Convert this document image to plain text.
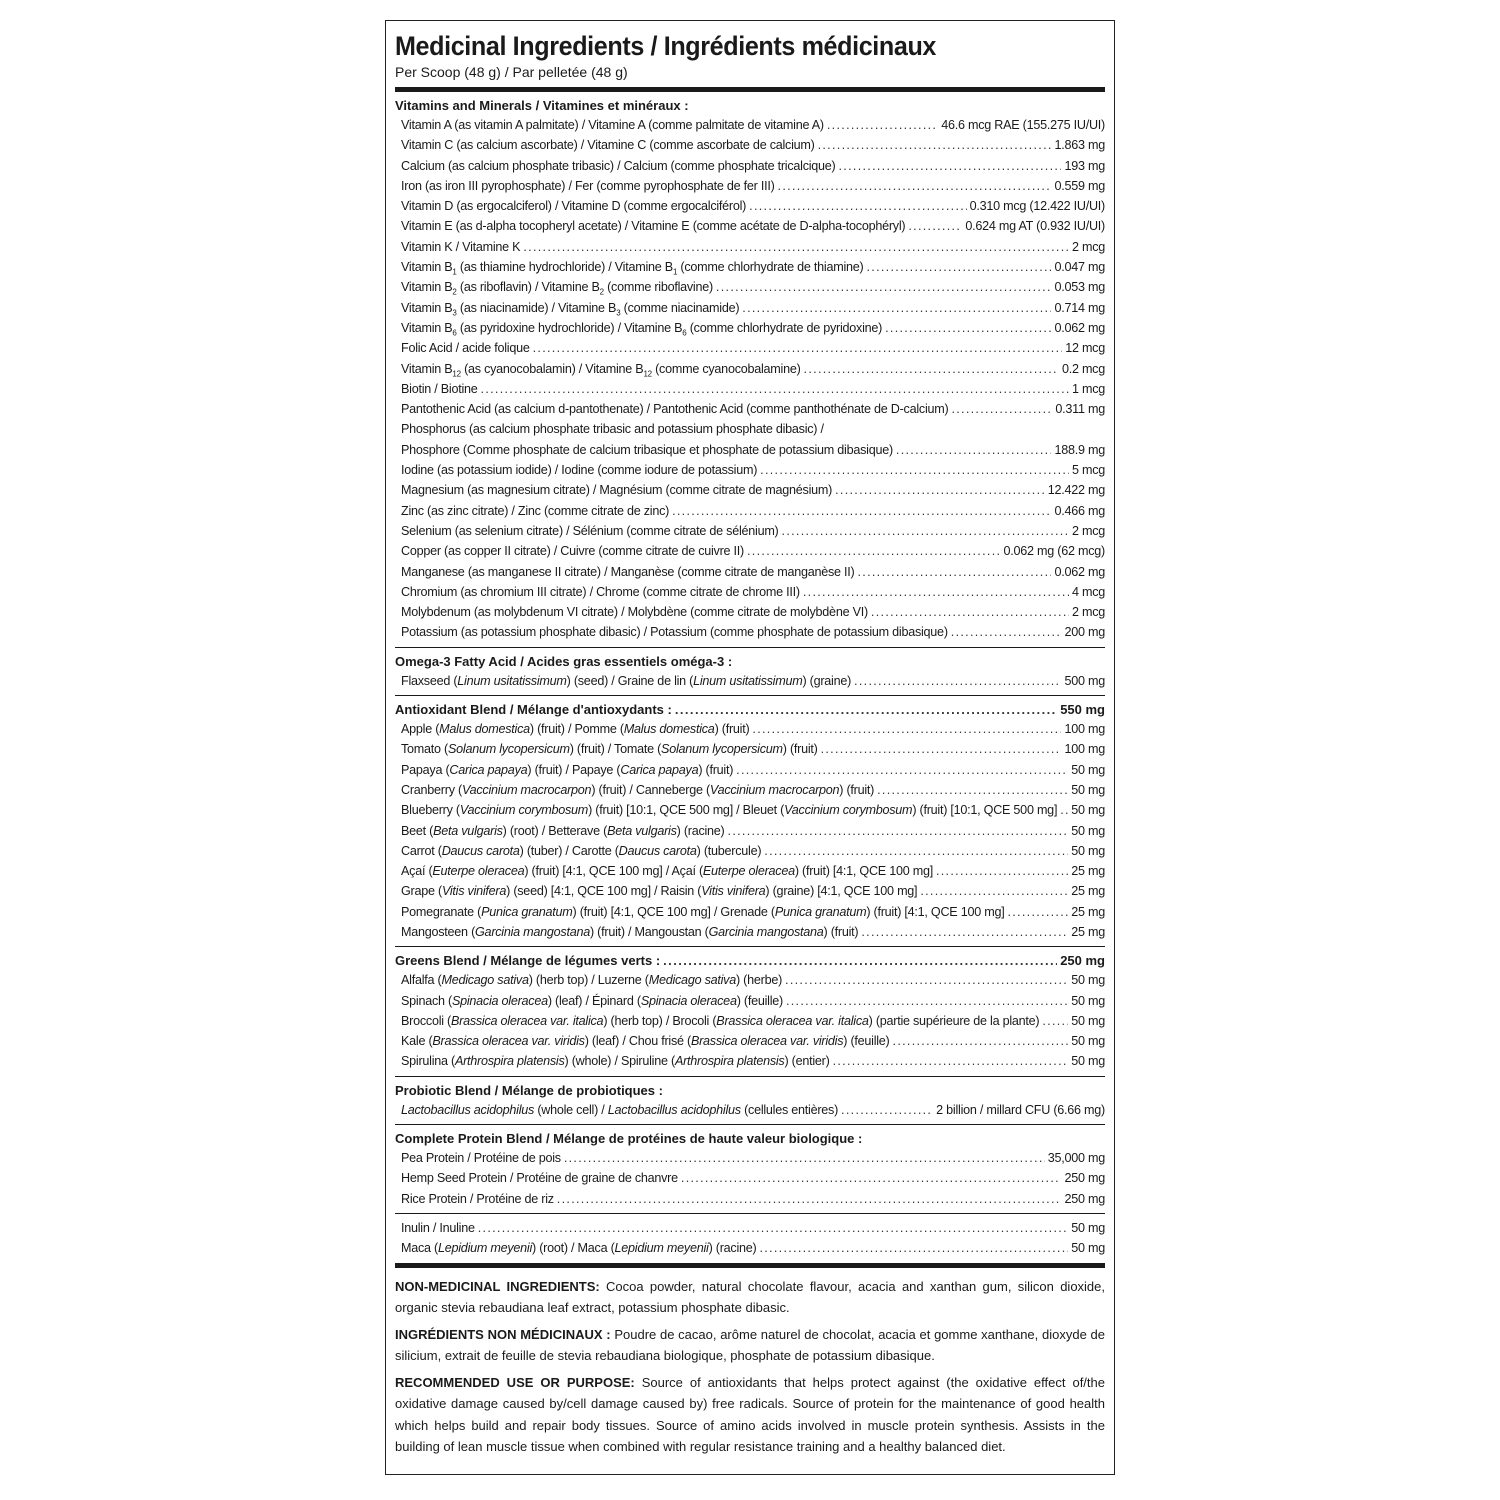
Medicinal Ingredients / Ingrédients médicinaux
Per Scoop (48 g) / Par pelletée (48 g)
Vitamins and Minerals / Vitamines et minéraux :
Vitamin A (as vitamin A palmitate) / Vitamine A (comme palmitate de vitamine A) . . .	46.6 mcg RAE (155.275 IU/UI)
Vitamin C (as calcium ascorbate) / Vitamine C (comme ascorbate de calcium) . . .	1.863 mg
Calcium (as calcium phosphate tribasic) / Calcium (comme phosphate tricalcique) . . .	193 mg
Iron (as iron III pyrophosphate) / Fer (comme pyrophosphate de fer III) . . .	0.559 mg
Vitamin D (as ergocalciferol) / Vitamine D (comme ergocalciférol) . . .	0.310 mcg (12.422 IU/UI)
Vitamin E (as d-alpha tocopheryl acetate) / Vitamine E (comme acétate de D-alpha-tocophéryl) . . .	0.624 mg AT (0.932 IU/UI)
Vitamin K / Vitamine K . . .	2 mcg
Vitamin $B_1$ (as thiamine hydrochloride) / Vitamine $B_1$ (comme chlorhydrate de thiamine) . . .	0.047 mg
Vitamin $B_2$ (as riboflavin) / Vitamine $B_2$ (comme riboflavine) . . .	0.053 mg
Vitamin $B_3$ (as niacinamide) / Vitamine $B_3$ (comme niacinamide) . . .	0.714 mg
Vitamin $B_6$ (as pyridoxine hydrochloride) / Vitamine $B_6$ (comme chlorhydrate de pyridoxine) . . .	0.062 mg
Folic Acid / acide folique . . .	12 mcg
Vitamin $B_{12}$ (as cyanocobalamin) / Vitamine $B_{12}$ (comme cyanocobalamine) . . .	0.2 mcg
Biotin / Biotine . . .	1 mcg
Pantothenic Acid (as calcium d-pantothenate) / Pantothenic Acid (comme panthothénate de D-calcium) . . .	0.311 mg
Phosphorus (as calcium phosphate tribasic and potassium phosphate dibasic) /
Phosphore (Comme phosphate de calcium tribasique et phosphate de potassium dibasique) . . .	188.9 mg
Iodine (as potassium iodide) / Iodine (comme iodure de potassium) . . .	5 mcg
Magnesium (as magnesium citrate) / Magnésium (comme citrate de magnésium) . . .	12.422 mg
Zinc (as zinc citrate) / Zinc (comme citrate de zinc) . . .	0.466 mg
Selenium (as selenium citrate) / Sélénium (comme citrate de sélénium) . . .	2 mcg
Copper (as copper II citrate) / Cuivre (comme citrate de cuivre II) . . .	0.062 mg (62 mcg)
Manganese (as manganese II citrate) / Manganèse (comme citrate de manganèse II) . . .	0.062 mg
Chromium (as chromium III citrate) / Chrome (comme citrate de chrome III) . . .	4 mcg
Molybdenum (as molybdenum VI citrate) / Molybdène (comme citrate de molybdène VI) . . .	2 mcg
Potassium (as potassium phosphate dibasic) / Potassium (comme phosphate de potassium dibasique) . . .	200 mg
Omega-3 Fatty Acid / Acides gras essentiels oméga-3 :
Flaxseed (Linum usitatissimum) (seed) / Graine de lin (Linum usitatissimum) (graine) . . .	500 mg
Antioxidant Blend / Mélange d'antioxydants : . . .	550 mg
Apple (Malus domestica) (fruit) / Pomme (Malus domestica) (fruit) . . .	100 mg
Tomato (Solanum lycopersicum) (fruit) / Tomate (Solanum lycopersicum) (fruit) . . .	100 mg
Papaya (Carica papaya) (fruit) / Papaye (Carica papaya) (fruit) . . .	50 mg
Cranberry (Vaccinium macrocarpon) (fruit) / Canneberge (Vaccinium macrocarpon) (fruit) . . .	50 mg
Blueberry (Vaccinium corymbosum) (fruit) [10:1, QCE 500 mg] / Bleuet (Vaccinium corymbosum) (fruit) [10:1, QCE 500 mg] . . . 50 mg
Beet (Beta vulgaris) (root) / Betterave (Beta vulgaris) (racine) . . .	50 mg
Carrot (Daucus carota) (tuber) / Carotte (Daucus carota) (tubercule) . . .	50 mg
Açaí (Euterpe oleracea) (fruit) [4:1, QCE 100 mg] / Açaí (Euterpe oleracea) (fruit) [4:1, QCE 100 mg] . . .	25 mg
Grape (Vitis vinifera) (seed) [4:1, QCE 100 mg] / Raisin (Vitis vinifera) (graine) [4:1, QCE 100 mg] . . .	25 mg
Pomegranate (Punica granatum) (fruit) [4:1, QCE 100 mg] / Grenade (Punica granatum) (fruit) [4:1, QCE 100 mg] . . .	25 mg
Mangosteen (Garcinia mangostana) (fruit) / Mangoustan (Garcinia mangostana) (fruit) . . .	25 mg
Greens Blend / Mélange de légumes verts : . . .	250 mg
Alfalfa (Medicago sativa) (herb top) / Luzerne (Medicago sativa) (herbe) . . .	50 mg
Spinach (Spinacia oleracea) (leaf) / Épinard (Spinacia oleracea) (feuille) . . .	50 mg
Broccoli (Brassica oleracea var. italica) (herb top) / Brocoli (Brassica oleracea var. italica) (partie supérieure de la plante) . . .	50 mg
Kale (Brassica oleracea var. viridis) (leaf) / Chou frisé (Brassica oleracea var. viridis) (feuille) . . .	50 mg
Spirulina (Arthrospira platensis) (whole) / Spiruline (Arthrospira platensis) (entier) . . .	50 mg
Probiotic Blend / Mélange de probiotiques :
Lactobacillus acidophilus (whole cell) / Lactobacillus acidophilus (cellules entières) . . .	2 billion / millard CFU (6.66 mg)
Complete Protein Blend / Mélange de protéines de haute valeur biologique :
Pea Protein / Protéine de pois . . .	35,000 mg
Hemp Seed Protein / Protéine de graine de chanvre . . .	250 mg
Rice Protein / Protéine de riz . . .	250 mg
Inulin / Inuline . . .	50 mg
Maca (Lepidium meyenii) (root) / Maca (Lepidium meyenii) (racine) . . .	50 mg

NON-MEDICINAL INGREDIENTS: Cocoa powder, natural chocolate flavour, acacia and xanthan gum, silicon dioxide, organic stevia rebaudiana leaf extract, potassium phosphate dibasic.

INGRÉDIENTS NON MÉDICINAUX : Poudre de cacao, arôme naturel de chocolat, acacia et gomme xanthane, dioxyde de silicium, extrait de feuille de stevia rebaudiana biologique, phosphate de potassium dibasique.

RECOMMENDED USE OR PURPOSE: Source of antioxidants that helps protect against (the oxidative effect of/the oxidative damage caused by/cell damage caused by) free radicals. Source of protein for the maintenance of good health which helps build and repair body tissues. Source of amino acids involved in muscle protein synthesis. Assists in the building of lean muscle tissue when combined with regular resistance training and a healthy balanced diet.
